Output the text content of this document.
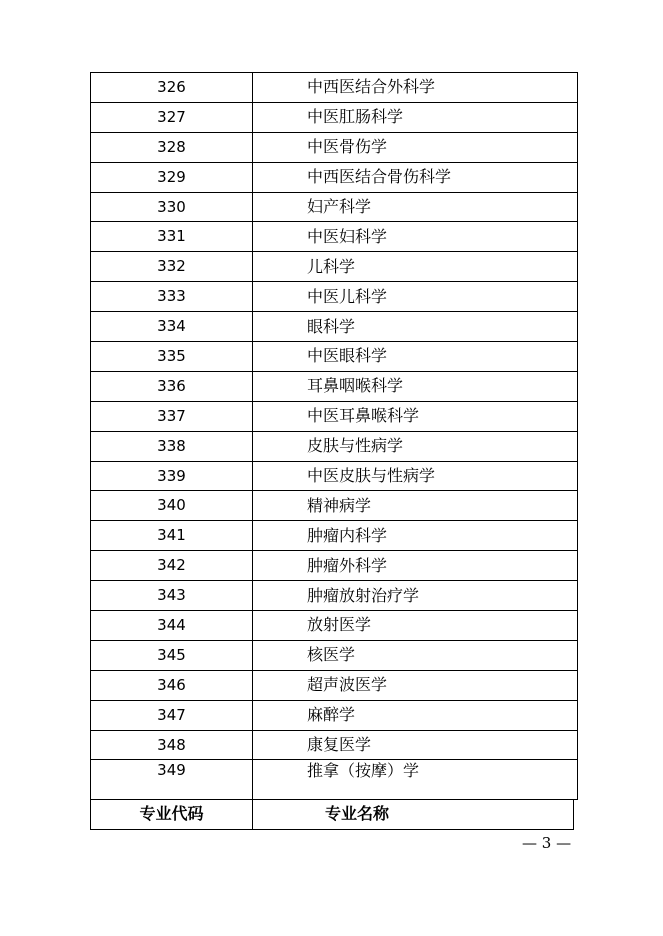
326	中西医结合外科学
327	中医肛肠科学
328	中医骨伤学
329	中西医结合骨伤科学
330	妇产科学
331	中医妇科学
332	儿科学
333	中医儿科学
334	眼科学
335	中医眼科学
336	耳鼻咽喉科学
337	中医耳鼻喉科学
338	皮肤与性病学
339	中医皮肤与性病学
340	精神病学
341	肿瘤内科学
342	肿瘤外科学
343	肿瘤放射治疗学
344	放射医学
345	核医学
346	超声波医学
347	麻醉学
348	康复医学
349	推拿（按摩）学
专业代码	专业名称
— 3 —
